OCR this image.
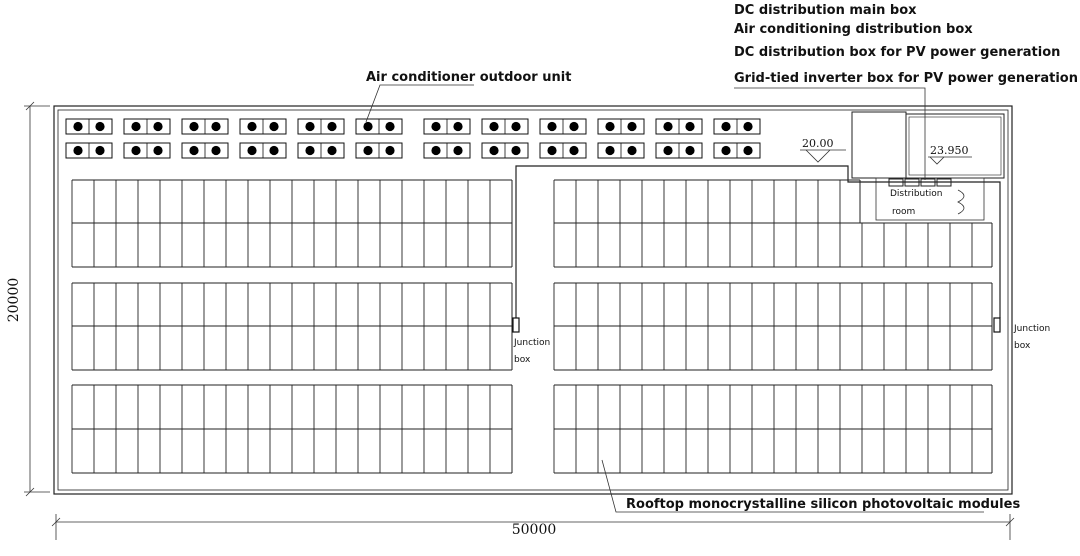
Junction
box
Junction
box
Distribution
room
20.00
23.950
DC distribution main box
Air conditioning distribution box
DC distribution box for PV power generation
Grid-tied inverter box for PV power generation
Air conditioner outdoor unit
Rooftop monocrystalline silicon photovoltaic modules
20000
50000
